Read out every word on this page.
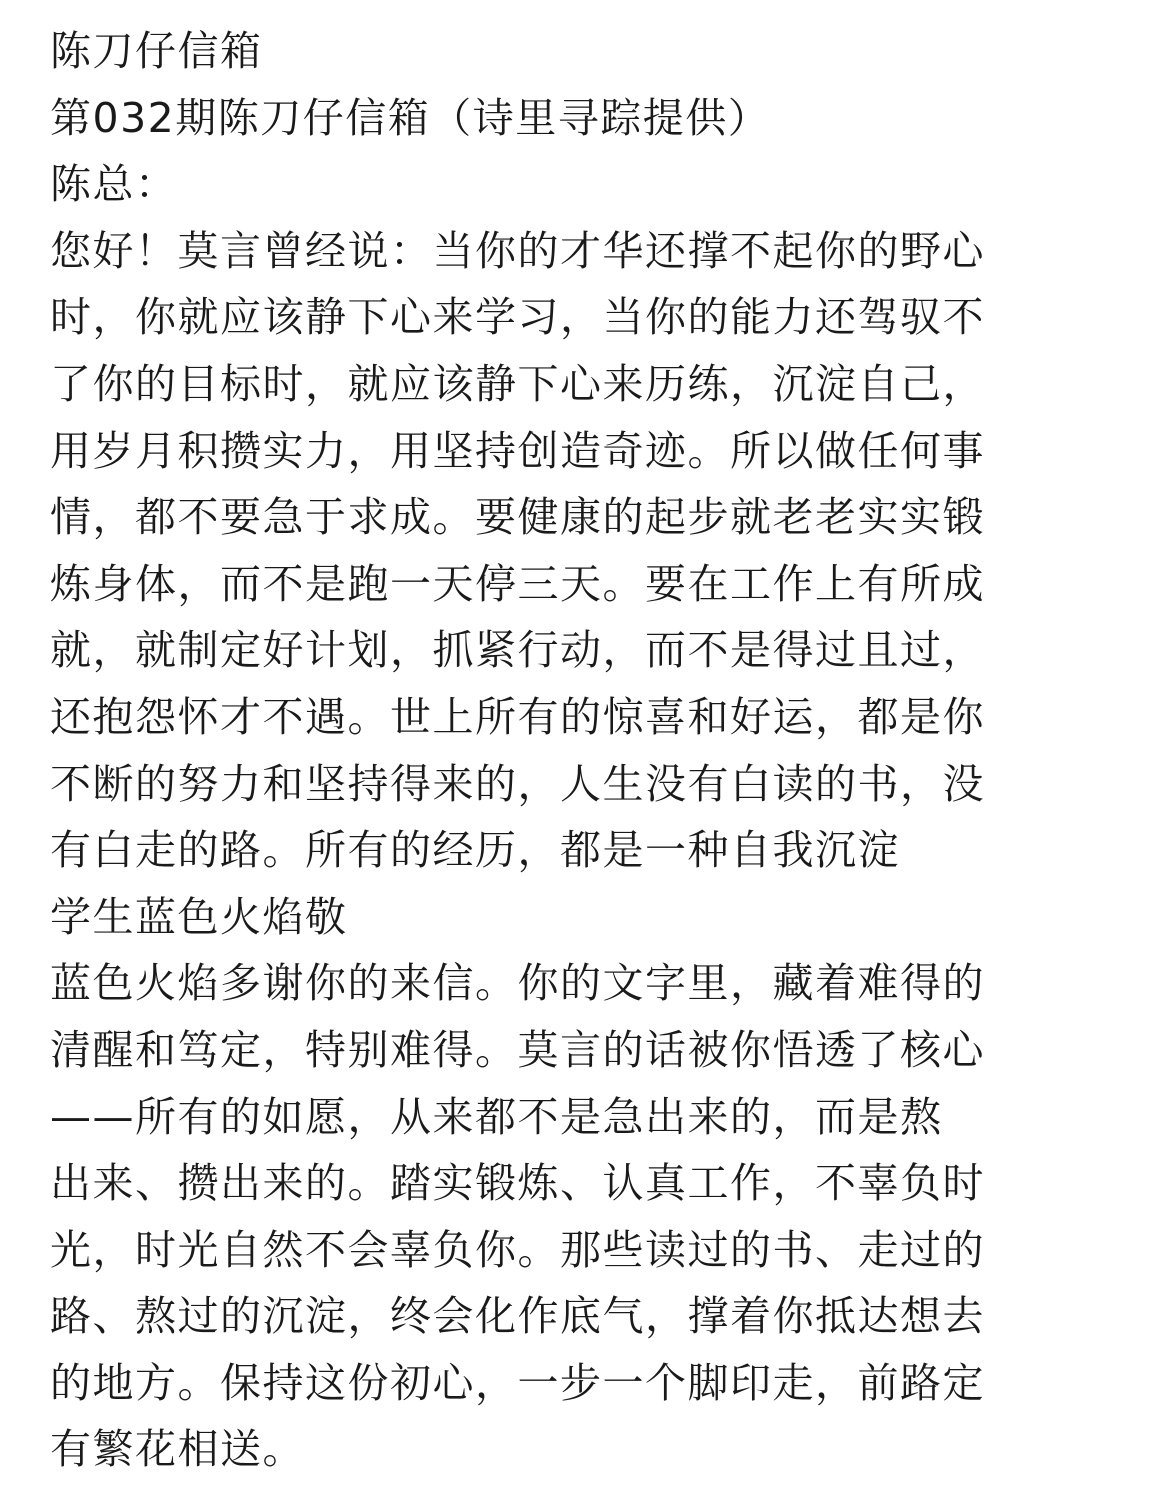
陈刀仔信箱
第032期陈刀仔信箱（诗里寻踪提供）
陈总：
您好！莫言曾经说：当你的才华还撑不起你的野心
时，你就应该静下心来学习，当你的能力还驾驭不
了你的目标时，就应该静下心来历练，沉淀自己，
用岁月积攒实力，用坚持创造奇迹。所以做任何事
情，都不要急于求成。要健康的起步就老老实实锻
炼身体，而不是跑一天停三天。要在工作上有所成
就，就制定好计划，抓紧行动，而不是得过且过，
还抱怨怀才不遇。世上所有的惊喜和好运，都是你
不断的努力和坚持得来的，人生没有白读的书，没
有白走的路。所有的经历，都是一种自我沉淀
学生蓝色火焰敬
蓝色火焰多谢你的来信。你的文字里，藏着难得的
清醒和笃定，特别难得。莫言的话被你悟透了核心
——所有的如愿，从来都不是急出来的，而是熬
出来、攒出来的。踏实锻炼、认真工作，不辜负时
光，时光自然不会辜负你。那些读过的书、走过的
路、熬过的沉淀，终会化作底气，撑着你抵达想去
的地方。保持这份初心，一步一个脚印走，前路定
有繁花相送。
